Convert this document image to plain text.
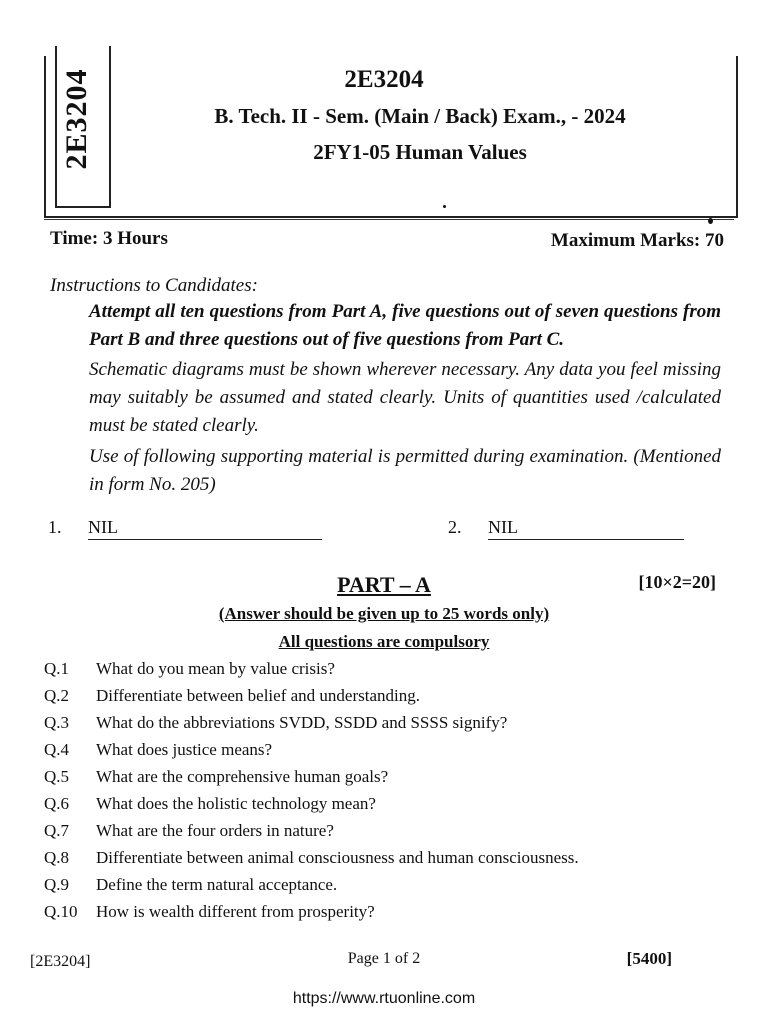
2E3204	2E3204
B. Tech. II - Sem. (Main / Back) Exam., - 2024
2FY1-05 Human Values
Time: 3 Hours	Maximum Marks: 70
Instructions to Candidates:
Attempt all ten questions from Part A, five questions out of seven questions from Part B and three questions out of five questions from Part C.
Schematic diagrams must be shown wherever necessary. Any data you feel missing may suitably be assumed and stated clearly. Units of quantities used /calculated must be stated clearly.
Use of following supporting material is permitted during examination. (Mentioned in form No. 205)
1. NIL	2. NIL
PART – A	[10×2=20]
(Answer should be given up to 25 words only)
All questions are compulsory
Q.1 What do you mean by value crisis?
Q.2 Differentiate between belief and understanding.
Q.3 What do the abbreviations SVDD, SSDD and SSSS signify?
Q.4 What does justice means?
Q.5 What are the comprehensive human goals?
Q.6 What does the holistic technology mean?
Q.7 What are the four orders in nature?
Q.8 Differentiate between animal consciousness and human consciousness.
Q.9 Define the term natural acceptance.
Q.10 How is wealth different from prosperity?
[2E3204]	Page 1 of 2	[5400]
https://www.rtuonline.com
